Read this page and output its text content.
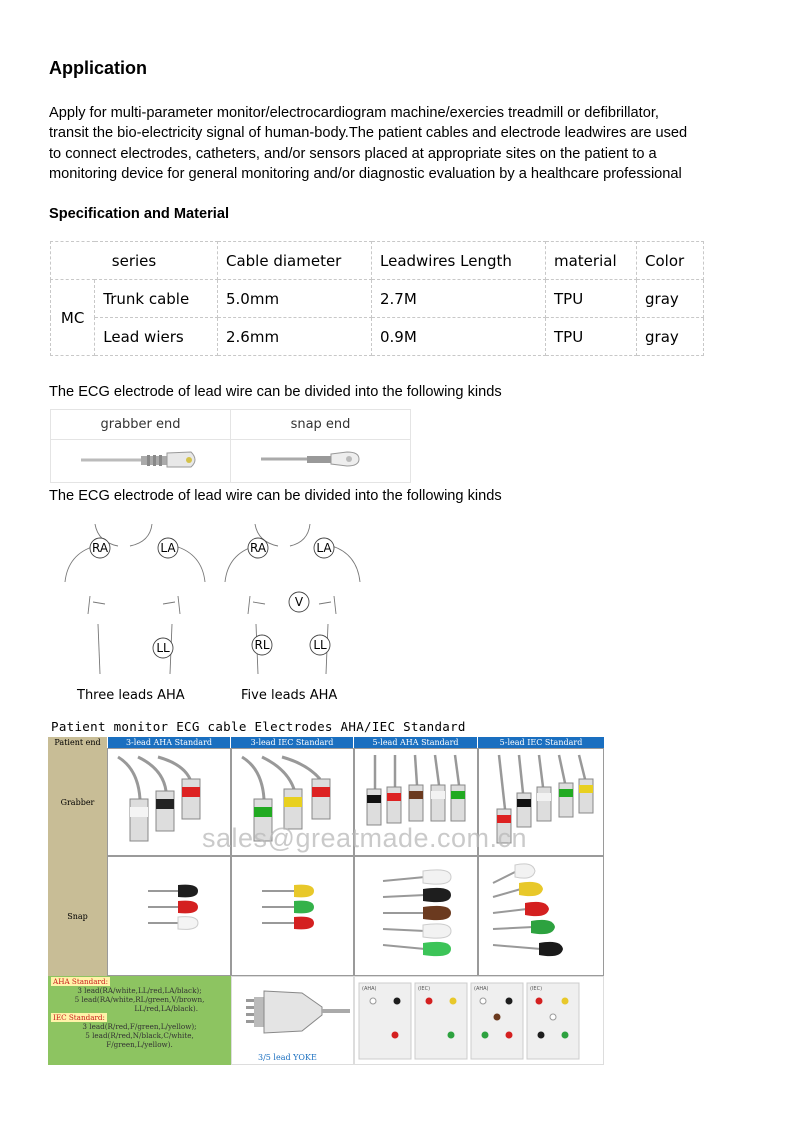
Application

Apply for multi-parameter monitor/electrocardiogram machine/exercies treadmill or defibrillator,
transit the bio-electricity signal of human-body.The patient cables and electrode leadwires are used
to connect electrodes, catheters, and/or sensors placed at appropriate sites on the patient to a
monitoring device for general monitoring and/or diagnostic evaluation by a healthcare professional

Specification and Material
series		Cable diameter	Leadwires Length	material	Color
MC	Trunk cable	5.0mm	2.7M	TPU	gray
	Lead wiers	2.6mm	0.9M	TPU	gray

The ECG electrode of lead wire can be divided into the following kinds

grabber end	snap end

The ECG electrode of lead wire can be divided into the following kinds

RA	LA
LL
RA	LA
V
RL	LL
Three leads AHA	Five leads AHA
Patient monitor ECG cable Electrodes AHA/IEC Standard
Patient end	3-lead AHA Standard	3-lead IEC Standard	5-lead AHA Standard	5-lead IEC Standard
Grabber
Snap
sales@greatmade.com.cn
AHA Standard:
3 lead(RA/white,LL/red,LA/black);
5 lead(RA/white,RL/green,V/brown,
LL/red,LA/black).
IEC Standard:
3 lead(R/red,F/green,L/yellow);
5 lead(R/red,N/black,C/white,
F/green,L/yellow).
3/5 lead YOKE
(AHA)	(IEC)	(AHA)	(IEC)
